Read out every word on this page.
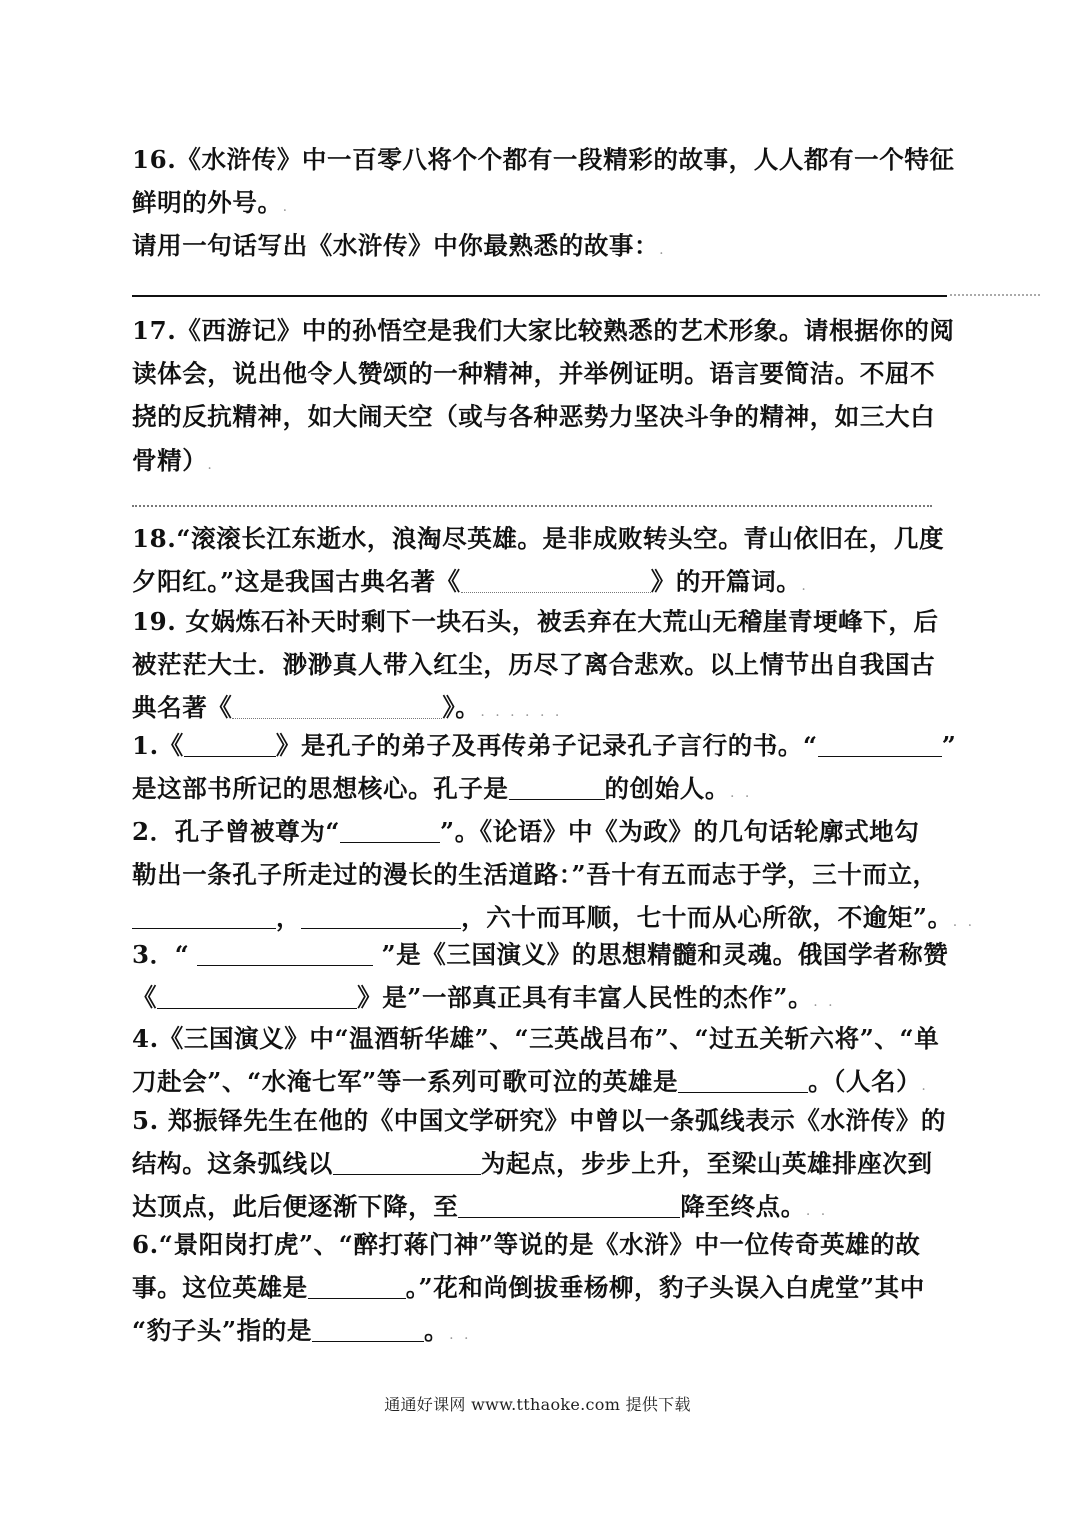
16.《水浒传》中一百零八将个个都有一段精彩的故事，人人都有一个特征
鲜明的外号。.
请用一句话写出《水浒传》中你最熟悉的故事：.
17.《西游记》中的孙悟空是我们大家比较熟悉的艺术形象。请根据你的阅
读体会，说出他令人赞颂的一种精神，并举例证明。语言要简洁。不屈不
挠的反抗精神，如大闹天空（或与各种恶势力坚决斗争的精神，如三大白
骨精）.
18.“滚滚长江东逝水，浪淘尽英雄。是非成败转头空。青山依旧在，几度
夕阳红。”这是我国古典名著《	》的开篇词。.
19. 女娲炼石补天时剩下一块石头，被丢弃在大荒山无稽崖青埂峰下，后
被茫茫大士．渺渺真人带入红尘，历尽了离合悲欢。以上情节出自我国古
典名著《	》。. . . . . .
1.《	》是孔子的弟子及再传弟子记录孔子言行的书。“	”
是这部书所记的思想核心。孔子是	的创始人。. .
2．孔子曾被尊为“	”。《论语》中《为政》的几句话轮廓式地勾
勒出一条孔子所走过的漫长的生活道路：”吾十有五而志于学，三十而立，
，	，六十而耳顺，七十而从心所欲，不逾矩”。. .
3．“	”是《三国演义》的思想精髓和灵魂。俄国学者称赞
《	》是”一部真正具有丰富人民性的杰作”。. .
4.《三国演义》中“温酒斩华雄”、“三英战吕布”、“过五关斩六将”、“单
刀赴会”、“水淹七军”等一系列可歌可泣的英雄是	。（人名）.
5. 郑振铎先生在他的《中国文学研究》中曾以一条弧线表示《水浒传》的
结构。这条弧线以	为起点，步步上升，至梁山英雄排座次到
达顶点，此后便逐渐下降，至	降至终点。. .
6.“景阳岗打虎”、“醉打蒋门神”等说的是《水浒》中一位传奇英雄的故
事。这位英雄是	。”花和尚倒拔垂杨柳，豹子头误入白虎堂”其中
“豹子头”指的是	。. .
通通好课网 www.tthaoke.com 提供下载
